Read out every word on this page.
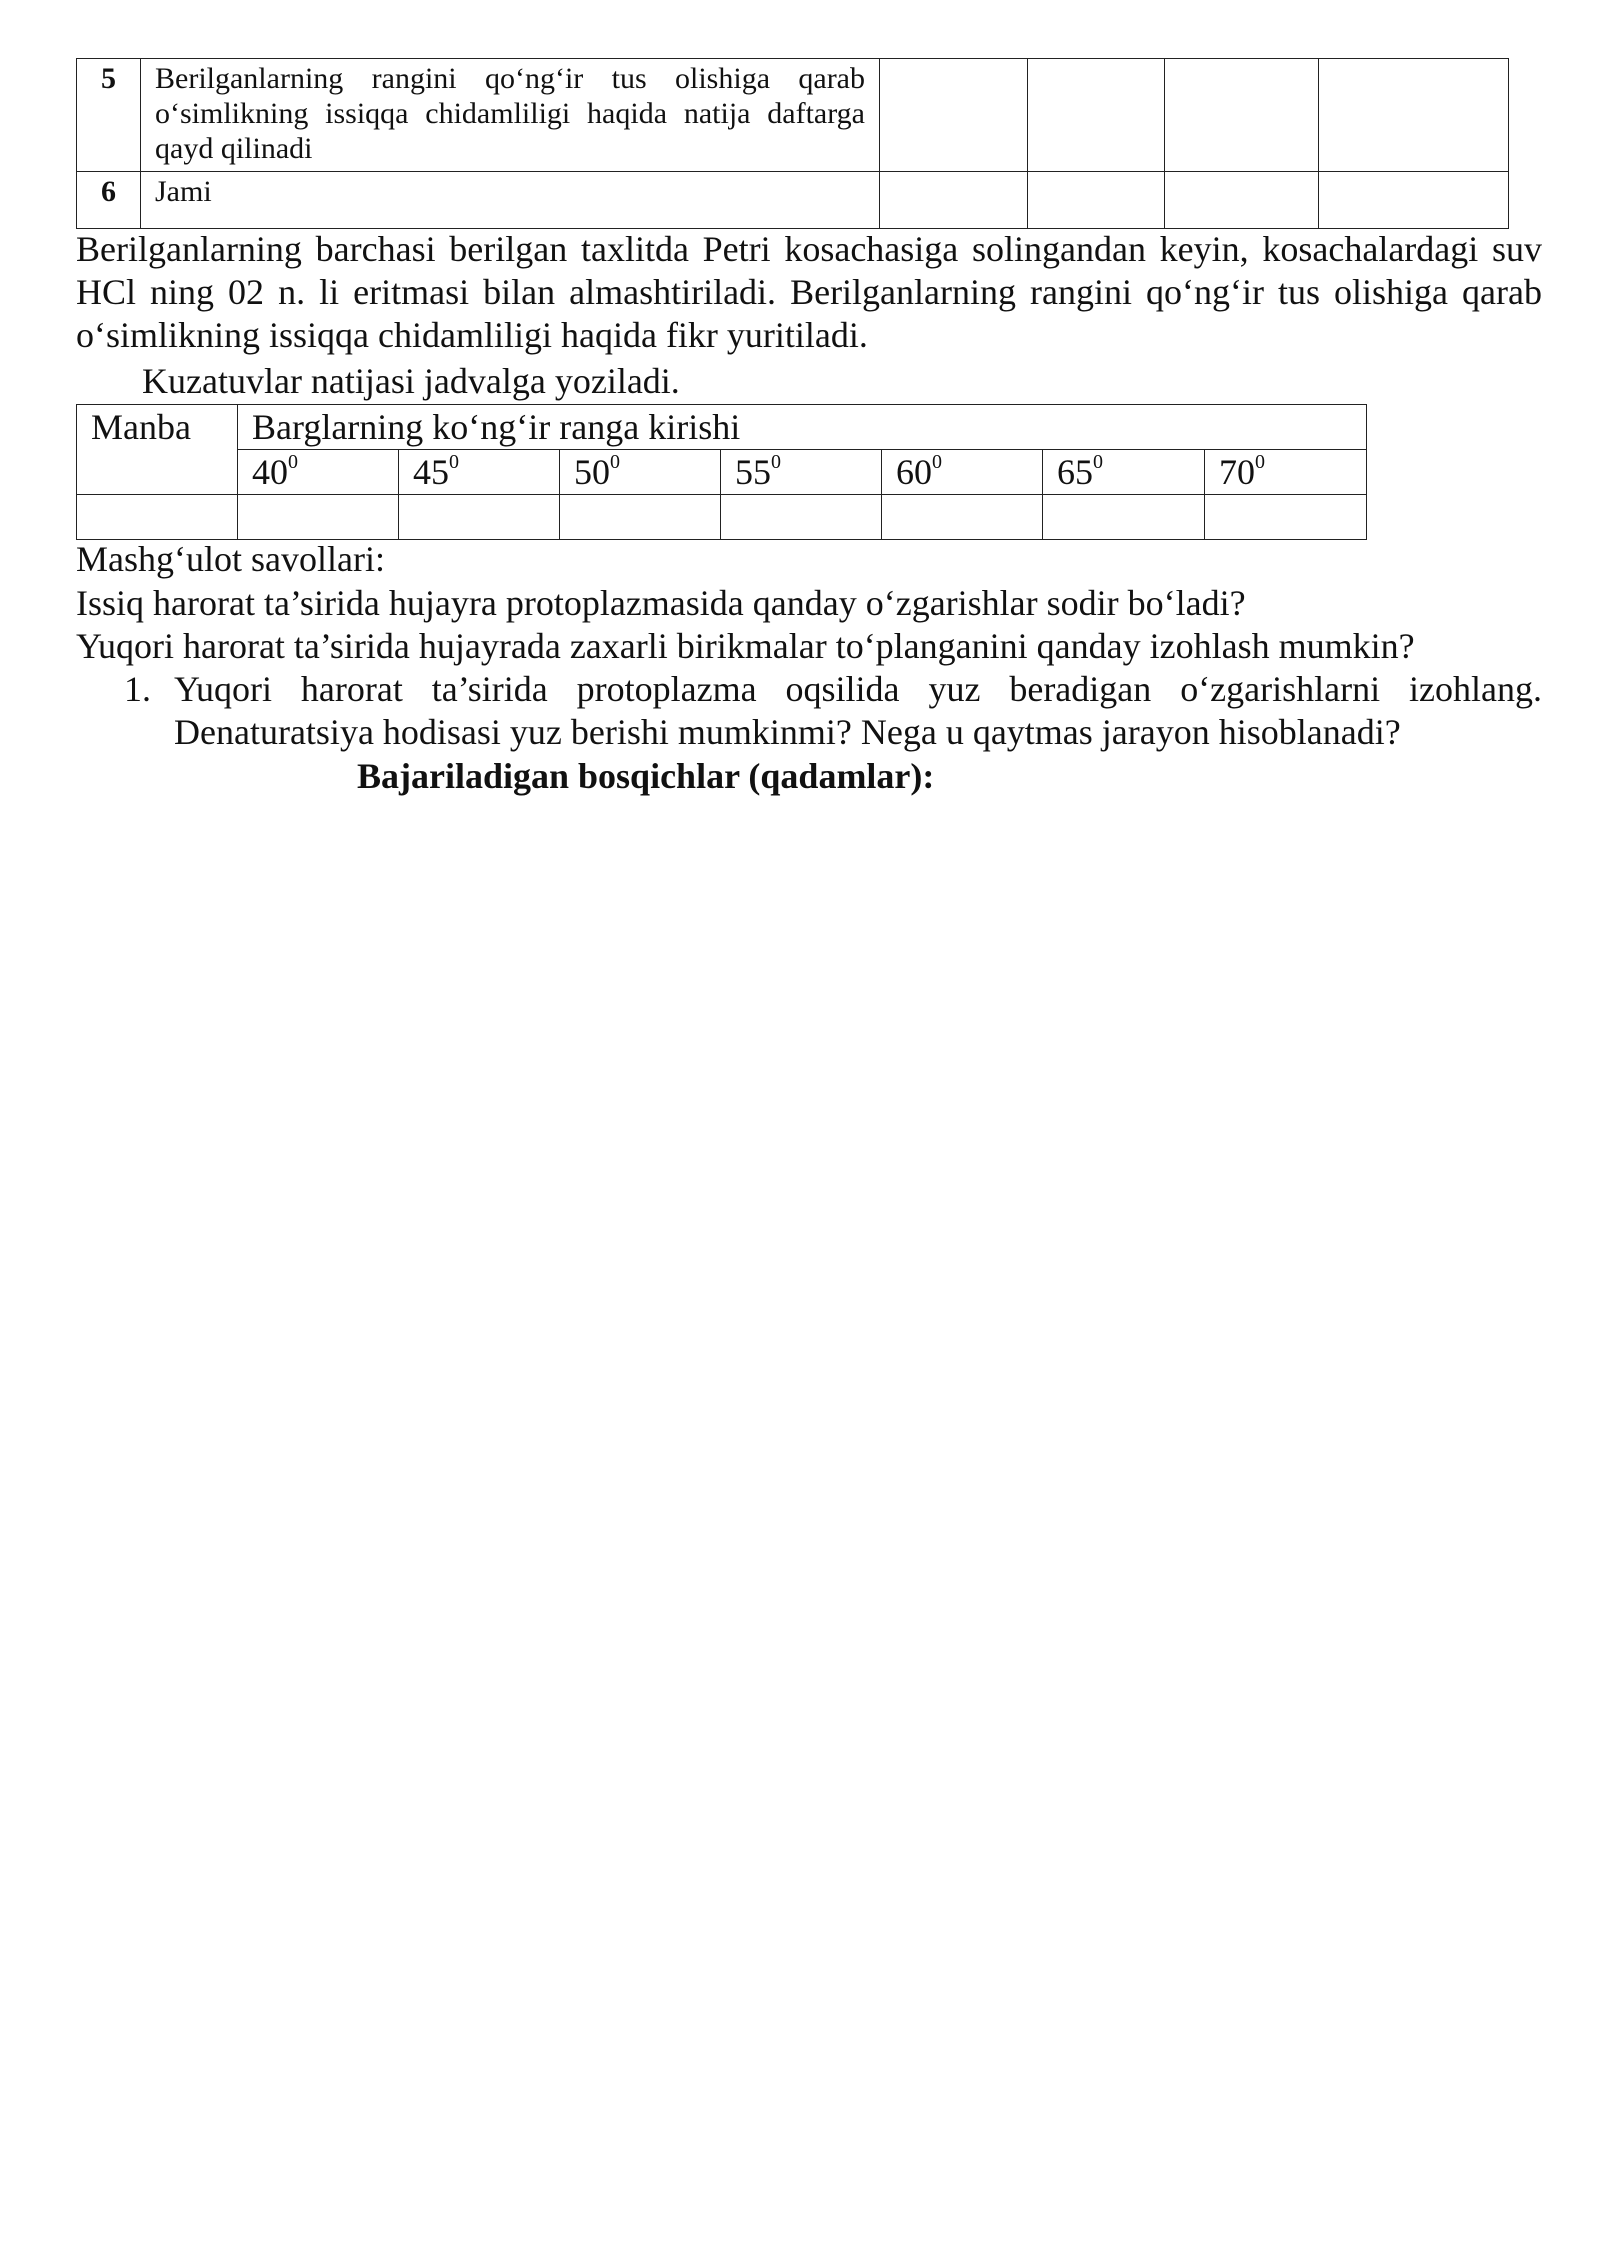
5	Berilganlarning rangini qo‘ng‘ir tus olishiga qarab o‘simlikning issiqqa chidamliligi haqida natija daftarga qayd qilinadi				
6	Jami				

Berilganlarning barchasi berilgan taxlitda Petri kosachasiga solingandan keyin, kosachalardagi suv HCl ning 02 n. li eritmasi bilan almashtiriladi. Berilganlarning rangini qo‘ng‘ir tus olishiga qarab o‘simlikning issiqqa chidamliligi haqida fikr yuritiladi.

Kuzatuvlar natijasi jadvalga yoziladi.

Manba	Barglarning ko‘ng‘ir ranga kirishi						
	$40^0$	$45^0$	$50^0$	$55^0$	$60^0$	$65^0$	$70^0$

Mashg‘ulot savollari:

Issiq harorat ta’sirida hujayra protoplazmasida qanday o‘zgarishlar sodir bo‘ladi?

Yuqori harorat ta’sirida hujayrada zaxarli birikmalar to‘planganini qanday izohlash mumkin?

1. Yuqori harorat ta’sirida protoplazma oqsilida yuz beradigan o‘zgarishlarni izohlang. Denaturatsiya hodisasi yuz berishi mumkinmi? Nega u qaytmas jarayon hisoblanadi?

Bajariladigan bosqichlar (qadamlar):
